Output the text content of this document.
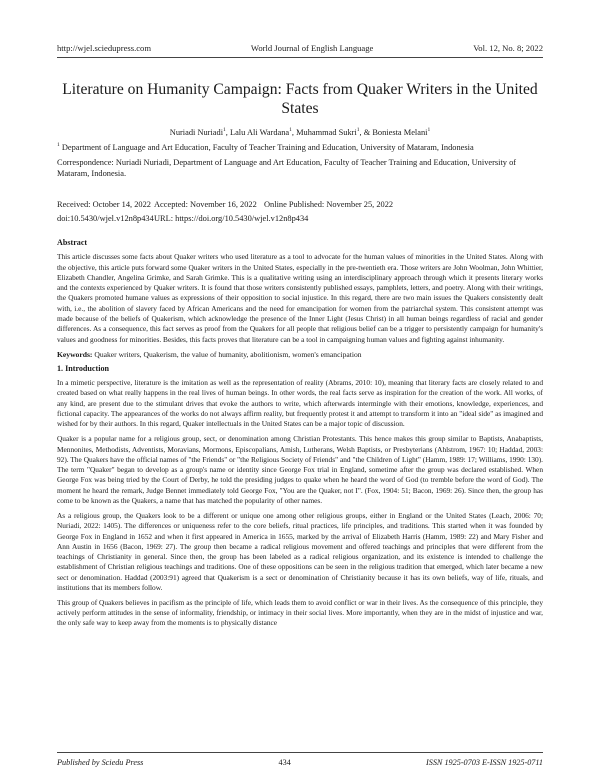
http://wjel.sciedupress.com	World Journal of English Language	Vol. 12, No. 8; 2022
Literature on Humanity Campaign: Facts from Quaker Writers in the United States
Nuriadi Nuriadi$^1$, Lalu Ali Wardana$^1$, Muhammad Sukri$^1$, & Boniesta Melani$^1$
$^1$ Department of Language and Art Education, Faculty of Teacher Training and Education, University of Mataram, Indonesia
Correspondence: Nuriadi Nuriadi, Department of Language and Art Education, Faculty of Teacher Training and Education, University of Mataram, Indonesia.
Received: October 14, 2022 Accepted: November 16, 2022 Online Published: November 25, 2022
doi:10.5430/wjel.v12n8p434 URL: https://doi.org/10.5430/wjel.v12n8p434
Abstract

This article discusses some facts about Quaker writers who used literature as a tool to advocate for the human values of minorities in the United States. Along with the objective, this article puts forward some Quaker writers in the United States, especially in the pre-twentieth era. Those writers are John Woolman, John Whittier, Elizabeth Chandler, Angelina Grimke, and Sarah Grimke. This is a qualitative writing using an interdisciplinary approach through which it presents literary works and the contexts experienced by Quaker writers. It is found that those writers consistently published essays, pamphlets, letters, and poetry. Along with their writings, the Quakers promoted humane values as expressions of their opposition to social injustice. In this regard, there are two main issues the Quakers consistently dealt with, i.e., the abolition of slavery faced by African Americans and the need for emancipation for women from the patriarchal system. This consistent attempt was made because of the beliefs of Quakerism, which acknowledge the presence of the Inner Light (Jesus Christ) in all human beings regardless of racial and gender differences. As a consequence, this fact serves as proof from the Quakers for all people that religious belief can be a trigger to persistently campaign for humanity's values and goodness for minorities. Besides, this facts proves that literature can be a tool in campaigning human values and fighting against inhumanity.

Keywords: Quaker writers, Quakerism, the value of humanity, abolitionism, women's emancipation
1. Introduction

In a mimetic perspective, literature is the imitation as well as the representation of reality (Abrams, 2010: 10), meaning that literary facts are closely related to and created based on what really happens in the real lives of human beings. In other words, the real facts serve as inspiration for the creation of the work. All works, of any kind, are present due to the stimulant drives that evoke the authors to write, which afterwards intermingle with their emotions, knowledge, experiences, and fictional capacity. The appearances of the works do not always affirm reality, but frequently protest it and attempt to transform it into an "ideal side" as imagined and wished for by their authors. In this regard, Quaker intellectuals in the United States can be a major topic of discussion.

Quaker is a popular name for a religious group, sect, or denomination among Christian Protestants. This hence makes this group similar to Baptists, Anabaptists, Mennonites, Methodists, Adventists, Moravians, Mormons, Episcopalians, Amish, Lutherans, Welsh Baptists, or Presbyterians (Ahlstrom, 1967: 10; Haddad, 2003: 92). The Quakers have the official names of "the Friends" or "the Religious Society of Friends" and "the Children of Light" (Hamm, 1989: 17; Williams, 1990: 130). The term "Quaker" began to develop as a group's name or identity since George Fox trial in England, sometime after the group was declared established. When George Fox was being tried by the Court of Derby, he told the presiding judges to quake when he heard the word of God (to tremble before the word of God). The moment he heard the remark, Judge Bennet immediately told George Fox, "You are the Quaker, not I". (Fox, 1904: 51; Bacon, 1969: 26). Since then, the group has come to be known as the Quakers, a name that has matched the popularity of other names.

As a religious group, the Quakers look to be a different or unique one among other religious groups, either in England or the United States (Leach, 2006: 70; Nuriadi, 2022: 1405). The differences or uniqueness refer to the core beliefs, ritual practices, life principles, and traditions. This started when it was founded by George Fox in England in 1652 and when it first appeared in America in 1655, marked by the arrival of Elizabeth Harris (Hamm, 1989: 22) and Mary Fisher and Ann Austin in 1656 (Bacon, 1969: 27). The group then became a radical religious movement and offered teachings and principles that were different from the teachings of Christianity in general. Since then, the group has been labeled as a radical religious organization, and its existence is intended to challenge the establishment of Christian religious teachings and traditions. One of these oppositions can be seen in the religious tradition that emerged, which later became a new sect or denomination. Haddad (2003:91) agreed that Quakerism is a sect or denomination of Christianity because it has its own beliefs, way of life, rituals, and institutions that its members follow.

This group of Quakers believes in pacifism as the principle of life, which leads them to avoid conflict or war in their lives. As the consequence of this principle, they actively perform attitudes in the sense of informality, friendship, or intimacy in their social lives. More importantly, when they are in the midst of injustice and war, the only safe way to keep away from the moments is to physically distance

Published by Sciedu Press	434	ISSN 1925-0703 E-ISSN 1925-0711
